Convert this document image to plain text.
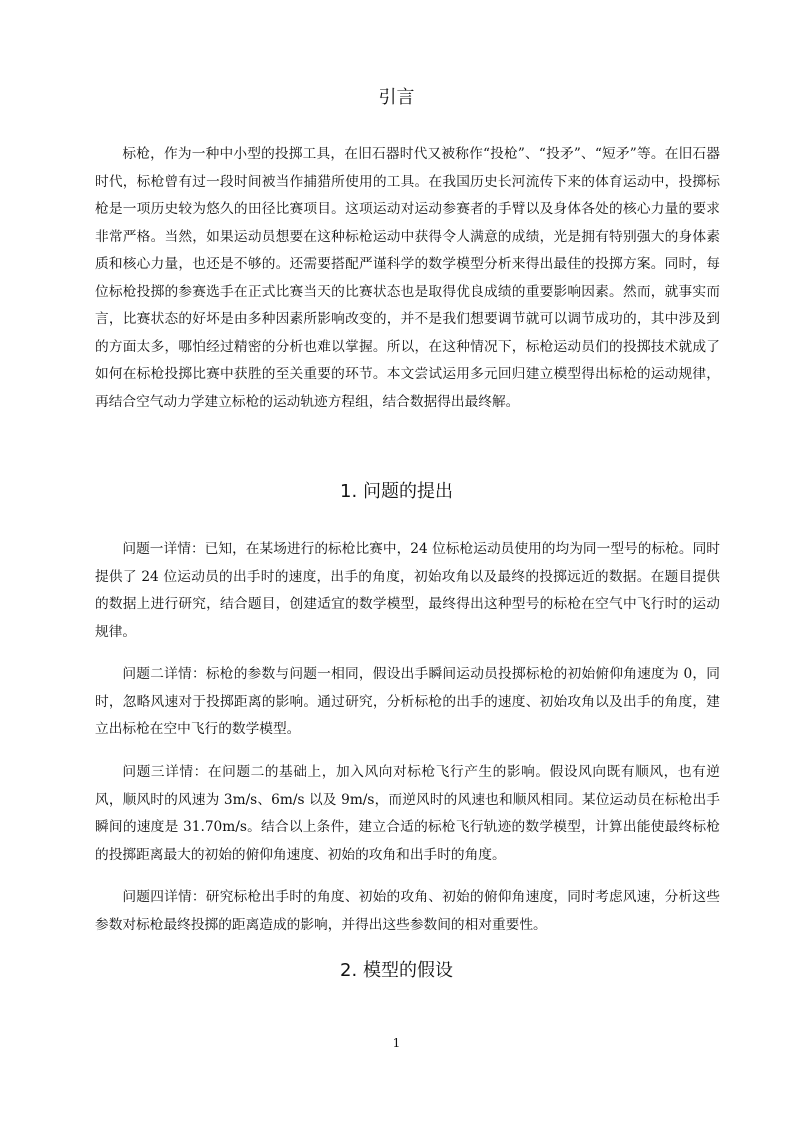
引言

标枪，作为一种中小型的投掷工具，在旧石器时代又被称作“投枪”、“投矛”、“短矛”等。在旧石器时代，标枪曾有过一段时间被当作捕猎所使用的工具。在我国历史长河流传下来的体育运动中，投掷标枪是一项历史较为悠久的田径比赛项目。这项运动对运动参赛者的手臂以及身体各处的核心力量的要求非常严格。当然，如果运动员想要在这种标枪运动中获得令人满意的成绩，光是拥有特别强大的身体素质和核心力量，也还是不够的。还需要搭配严谨科学的数学模型分析来得出最佳的投掷方案。同时，每位标枪投掷的参赛选手在正式比赛当天的比赛状态也是取得优良成绩的重要影响因素。然而，就事实而言，比赛状态的好坏是由多种因素所影响改变的，并不是我们想要调节就可以调节成功的，其中涉及到的方面太多，哪怕经过精密的分析也难以掌握。所以，在这种情况下，标枪运动员们的投掷技术就成了如何在标枪投掷比赛中获胜的至关重要的环节。本文尝试运用多元回归建立模型得出标枪的运动规律，再结合空气动力学建立标枪的运动轨迹方程组，结合数据得出最终解。

1. 问题的提出

问题一详情：已知，在某场进行的标枪比赛中，24 位标枪运动员使用的均为同一型号的标枪。同时提供了 24 位运动员的出手时的速度，出手的角度，初始攻角以及最终的投掷远近的数据。在题目提供的数据上进行研究，结合题目，创建适宜的数学模型，最终得出这种型号的标枪在空气中飞行时的运动规律。

问题二详情：标枪的参数与问题一相同，假设出手瞬间运动员投掷标枪的初始俯仰角速度为 0，同时，忽略风速对于投掷距离的影响。通过研究，分析标枪的出手的速度、初始攻角以及出手的角度，建立出标枪在空中飞行的数学模型。

问题三详情：在问题二的基础上，加入风向对标枪飞行产生的影响。假设风向既有顺风，也有逆风，顺风时的风速为 3m/s、6m/s 以及 9m/s，而逆风时的风速也和顺风相同。某位运动员在标枪出手瞬间的速度是 31.70m/s。结合以上条件，建立合适的标枪飞行轨迹的数学模型，计算出能使最终标枪的投掷距离最大的初始的俯仰角速度、初始的攻角和出手时的角度。

问题四详情：研究标枪出手时的角度、初始的攻角、初始的俯仰角速度，同时考虑风速，分析这些参数对标枪最终投掷的距离造成的影响，并得出这些参数间的相对重要性。

2. 模型的假设
1
